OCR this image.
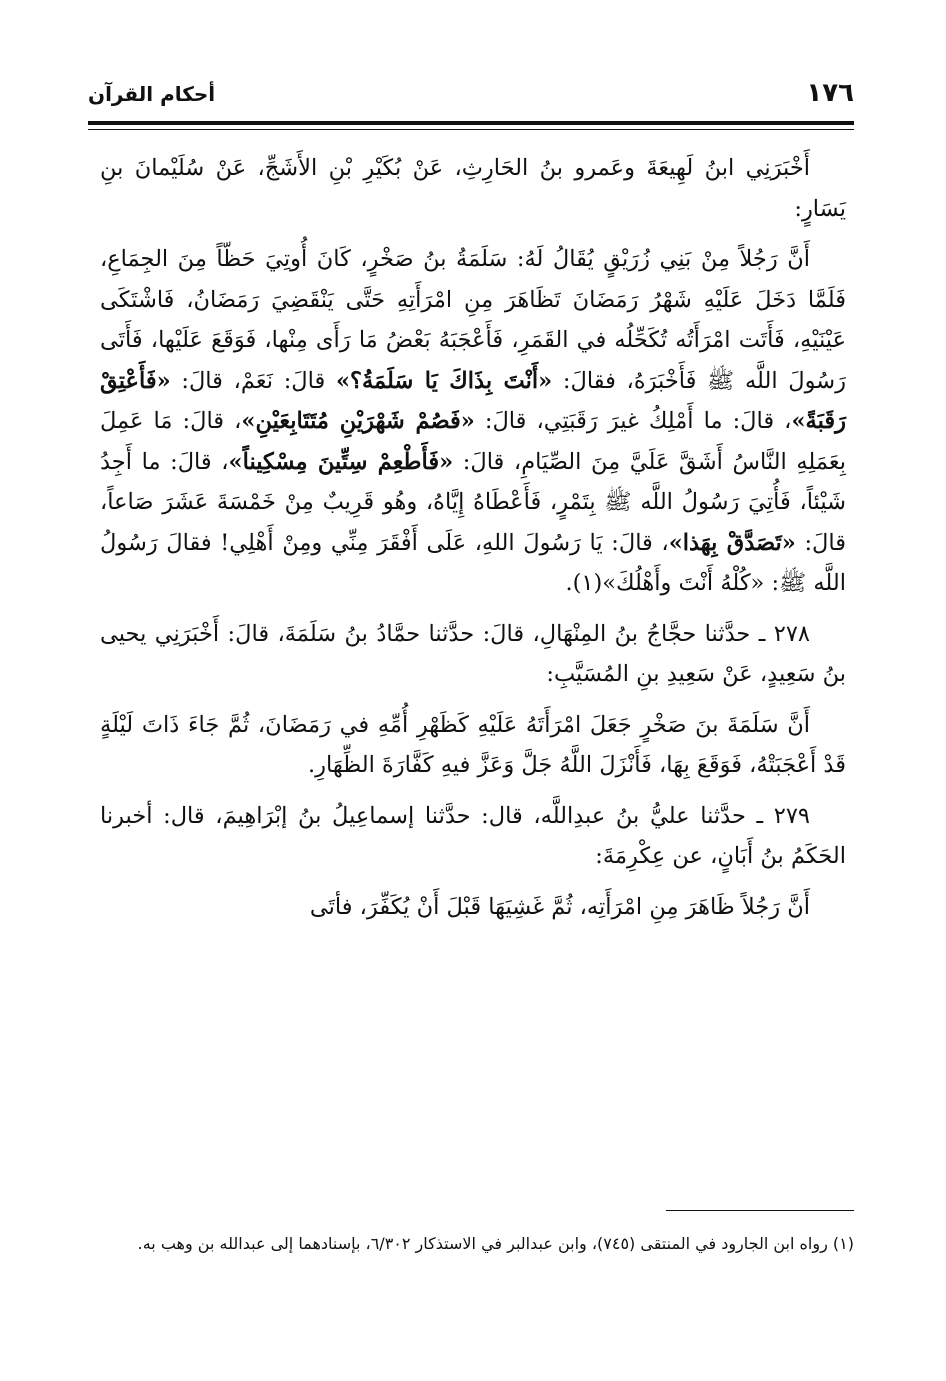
١٧٦
أحكام القرآن

أَخْبَرَنِي ابنُ لَهِيعَةَ وعَمرو بنُ الحَارِثِ، عَنْ بُكَيْرِ بْنِ الأَشَجِّ، عَنْ سُلَيْمانَ بنِ يَسَارٍ:

أَنَّ رَجُلاً مِنْ بَنِي زُرَيْقٍ يُقَالُ لَهُ: سَلَمَةُ بنُ صَخْرٍ، كَانَ أُوتِيَ حَظّاً مِنَ الجِمَاعِ، فَلَمَّا دَخَلَ عَلَيْهِ شَهْرُ رَمَضَانَ تَظَاهَرَ مِنِ امْرَأَتِهِ حَتَّى يَنْقَضِيَ رَمَضَانُ، فَاشْتَكَى عَيْنَيْهِ، فَأَتَت امْرَأَتُه تُكَحِّلُه في القَمَرِ، فَأَعْجَبَهُ بَعْضُ مَا رَأَى مِنْها، فَوَقَعَ عَلَيْها، فَأَتَى رَسُولَ اللَّه ﷺ فَأَخْبَرَهُ، فقالَ: «أَنْتَ بِذَاكَ يَا سَلَمَةُ؟» قالَ: نَعَمْ، قالَ: «فَأَعْتِقْ رَقَبَةً»، قالَ: ما أَمْلِكُ غيرَ رَقَبَتِي، قالَ: «فَصُمْ شَهْرَيْنِ مُتَتَابِعَيْنِ»، قالَ: مَا عَمِلَ بِعَمَلِهِ النَّاسُ أَشَقَّ عَلَيَّ مِنَ الصِّيَامِ، قالَ: «فَأَطْعِمْ سِتِّينَ مِسْكِيناً»، قالَ: ما أَجِدُ شَيْئاً، فَأُتِيَ رَسُولُ اللَّه ﷺ بِتَمْرٍ، فَأَعْطَاهُ إِيَّاهُ، وهُو قَرِيبٌ مِنْ خَمْسَةَ عَشَرَ صَاعاً، قالَ: «تَصَدَّقْ بِهَذا»، قالَ: يَا رَسُولَ اللهِ، عَلَى أَفْقَرَ مِنِّي ومِنْ أَهْلِي! فقالَ رَسُولُ اللَّه ﷺ: «كُلْهُ أَنْتَ وأَهْلُكَ»(١).

٢٧٨ ـ حدَّثنا حجَّاجُ بنُ المِنْهَالِ، قالَ: حدَّثنا حمَّادُ بنُ سَلَمَةَ، قالَ: أَخْبَرَنِي يحيى بنُ سَعِيدٍ، عَنْ سَعِيدِ بنِ المُسَيَّبِ:

أَنَّ سَلَمَةَ بنَ صَخْرٍ جَعَلَ امْرَأَتَهُ عَلَيْهِ كَظَهْرِ أُمِّهِ في رَمَضَانَ، ثُمَّ جَاءَ ذَاتَ لَيْلَةٍ قَدْ أَعْجَبَتْهُ، فَوَقَعَ بِهَا، فَأَنْزَلَ اللَّهُ جَلَّ وَعَزَّ فيهِ كَفَّارَةَ الظِّهَارِ.

٢٧٩ ـ حدَّثنا عليُّ بنُ عبدِاللَّه، قال: حدَّثنا إسماعِيلُ بنُ إبْرَاهِيمَ، قال: أخبرنا الحَكَمُ بنُ أَبَانٍ، عن عِكْرِمَةَ:

أَنَّ رَجُلاً ظَاهَرَ مِنِ امْرَأَتِه، ثُمَّ غَشِيَهَا قَبْلَ أَنْ يُكَفِّرَ، فأتَى

(١) رواه ابن الجارود في المنتقى (٧٤٥)، وابن عبدالبر في الاستذكار ٦/٣٠٢، بإسنادهما إلى عبدالله بن وهب به.
